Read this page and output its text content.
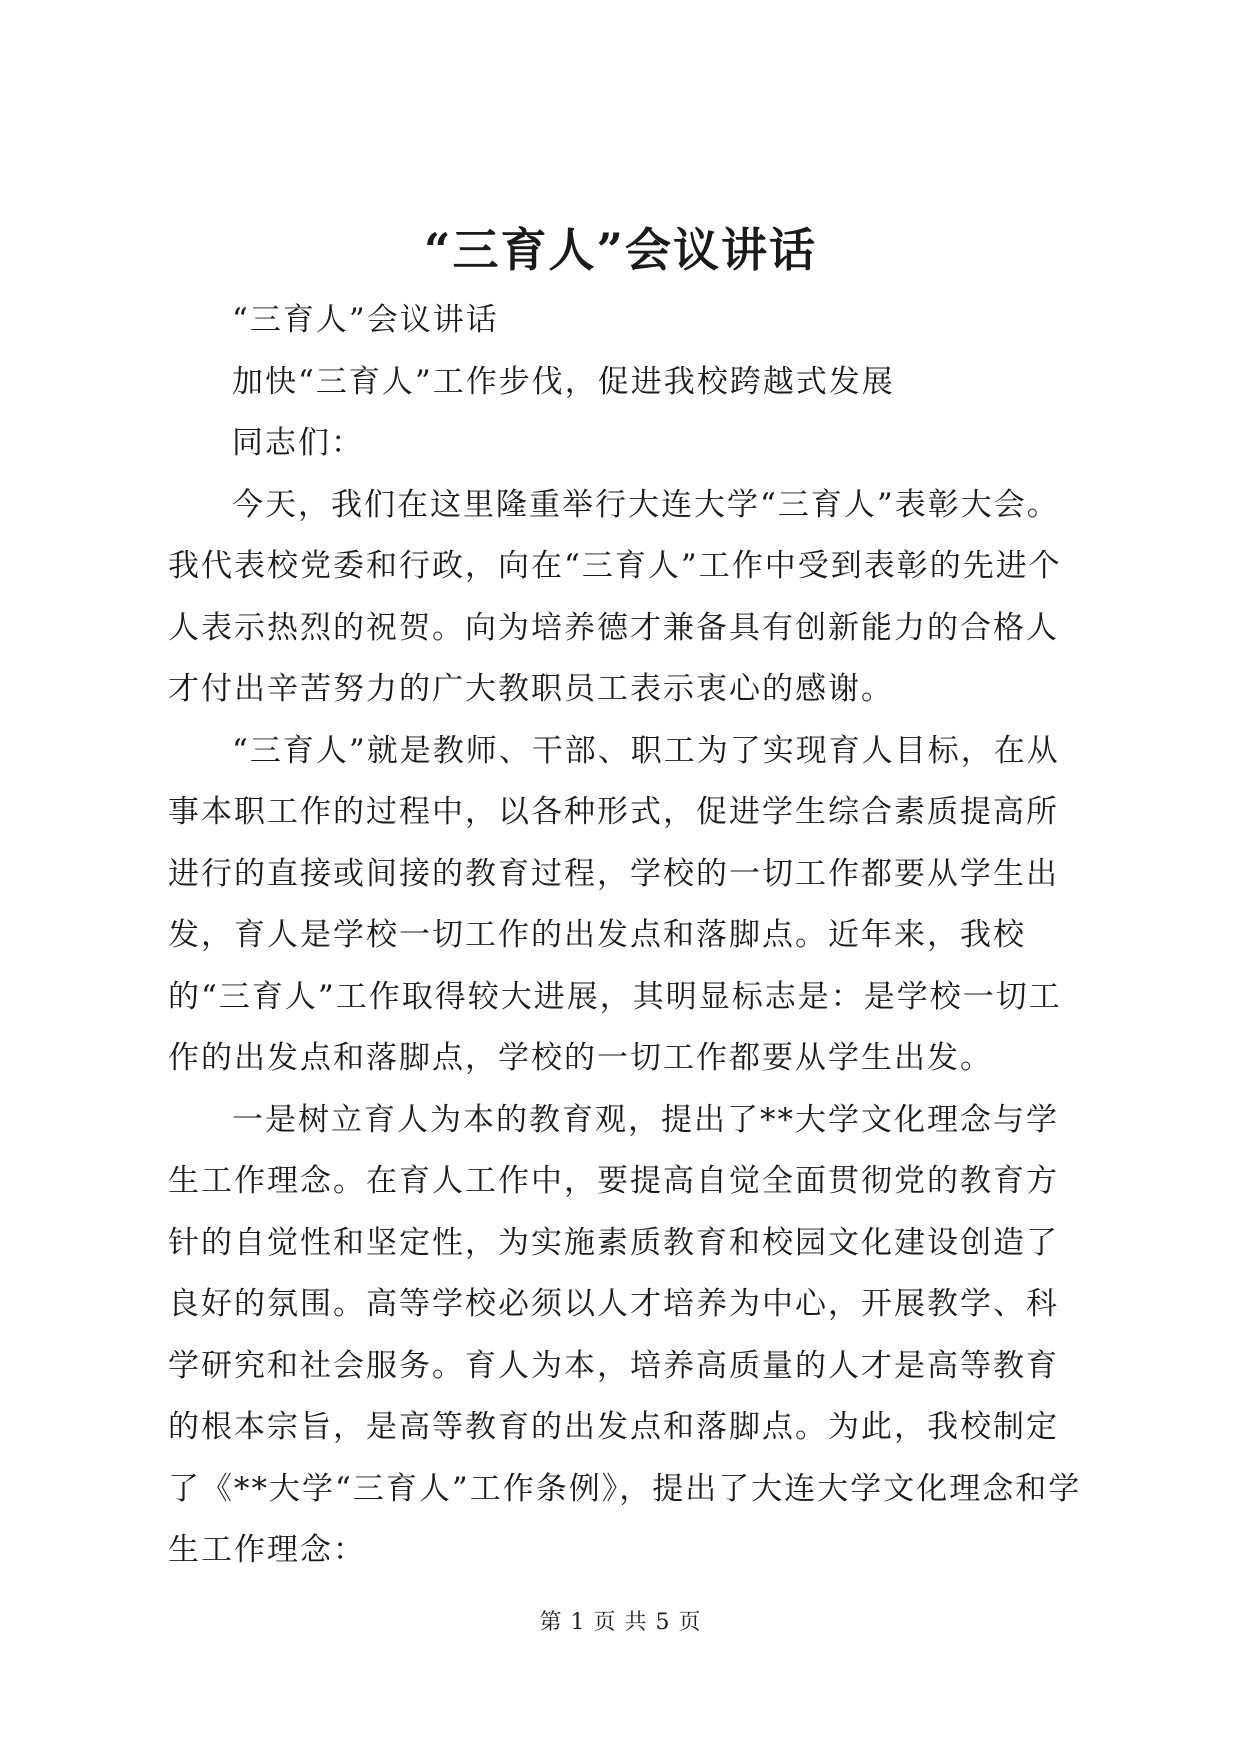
“三育人”会议讲话

“三育人”会议讲话

加快“三育人”工作步伐，促进我校跨越式发展

同志们：

今天，我们在这里隆重举行大连大学“三育人”表彰大会。我代表校党委和行政，向在“三育人”工作中受到表彰的先进个人表示热烈的祝贺。向为培养德才兼备具有创新能力的合格人才付出辛苦努力的广大教职员工表示衷心的感谢。

“三育人”就是教师、干部、职工为了实现育人目标，在从事本职工作的过程中，以各种形式，促进学生综合素质提高所进行的直接或间接的教育过程，学校的一切工作都要从学生出发，育人是学校一切工作的出发点和落脚点。近年来，我校的“三育人”工作取得较大进展，其明显标志是：是学校一切工作的出发点和落脚点，学校的一切工作都要从学生出发。

一是树立育人为本的教育观，提出了**大学文化理念与学生工作理念。在育人工作中，要提高自觉全面贯彻党的教育方针的自觉性和坚定性，为实施素质教育和校园文化建设创造了良好的氛围。高等学校必须以人才培养为中心，开展教学、科学研究和社会服务。育人为本，培养高质量的人才是高等教育的根本宗旨，是高等教育的出发点和落脚点。为此，我校制定了《**大学“三育人”工作条例》，提出了大连大学文化理念和学生工作理念：

第 1 页 共 5 页
